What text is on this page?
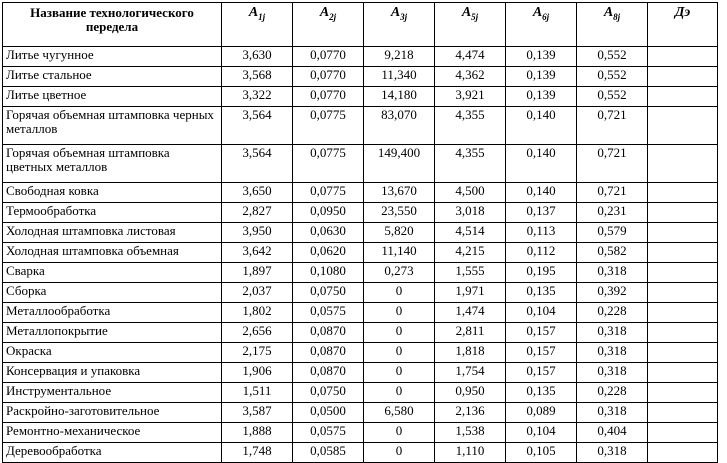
Название технологического передела	$A_{1j}$	$A_{2j}$	$A_{3j}$	$A_{5j}$	$A_{6j}$	$A_{8j}$	Дэ
Литье чугунное	3,630	0,0770	9,218	4,474	0,139	0,552	
Литье стальное	3,568	0,0770	11,340	4,362	0,139	0,552	
Литье цветное	3,322	0,0770	14,180	3,921	0,139	0,552	
Горячая объемная штамповка черных металлов	3,564	0,0775	83,070	4,355	0,140	0,721	
Горячая объемная штамповка цветных металлов	3,564	0,0775	149,400	4,355	0,140	0,721	
Свободная ковка	3,650	0,0775	13,670	4,500	0,140	0,721	
Термообработка	2,827	0,0950	23,550	3,018	0,137	0,231	
Холодная штамповка листовая	3,950	0,0630	5,820	4,514	0,113	0,579	
Холодная штамповка объемная	3,642	0,0620	11,140	4,215	0,112	0,582	
Сварка	1,897	0,1080	0,273	1,555	0,195	0,318	
Сборка	2,037	0,0750	0	1,971	0,135	0,392	
Металлообработка	1,802	0,0575	0	1,474	0,104	0,228	
Металлопокрытие	2,656	0,0870	0	2,811	0,157	0,318	
Окраска	2,175	0,0870	0	1,818	0,157	0,318	
Консервация и упаковка	1,906	0,0870	0	1,754	0,157	0,318	
Инструментальное	1,511	0,0750	0	0,950	0,135	0,228	
Раскройно-заготовительное	3,587	0,0500	6,580	2,136	0,089	0,318	
Ремонтно-механическое	1,888	0,0575	0	1,538	0,104	0,404	
Деревообработка	1,748	0,0585	0	1,110	0,105	0,318	
